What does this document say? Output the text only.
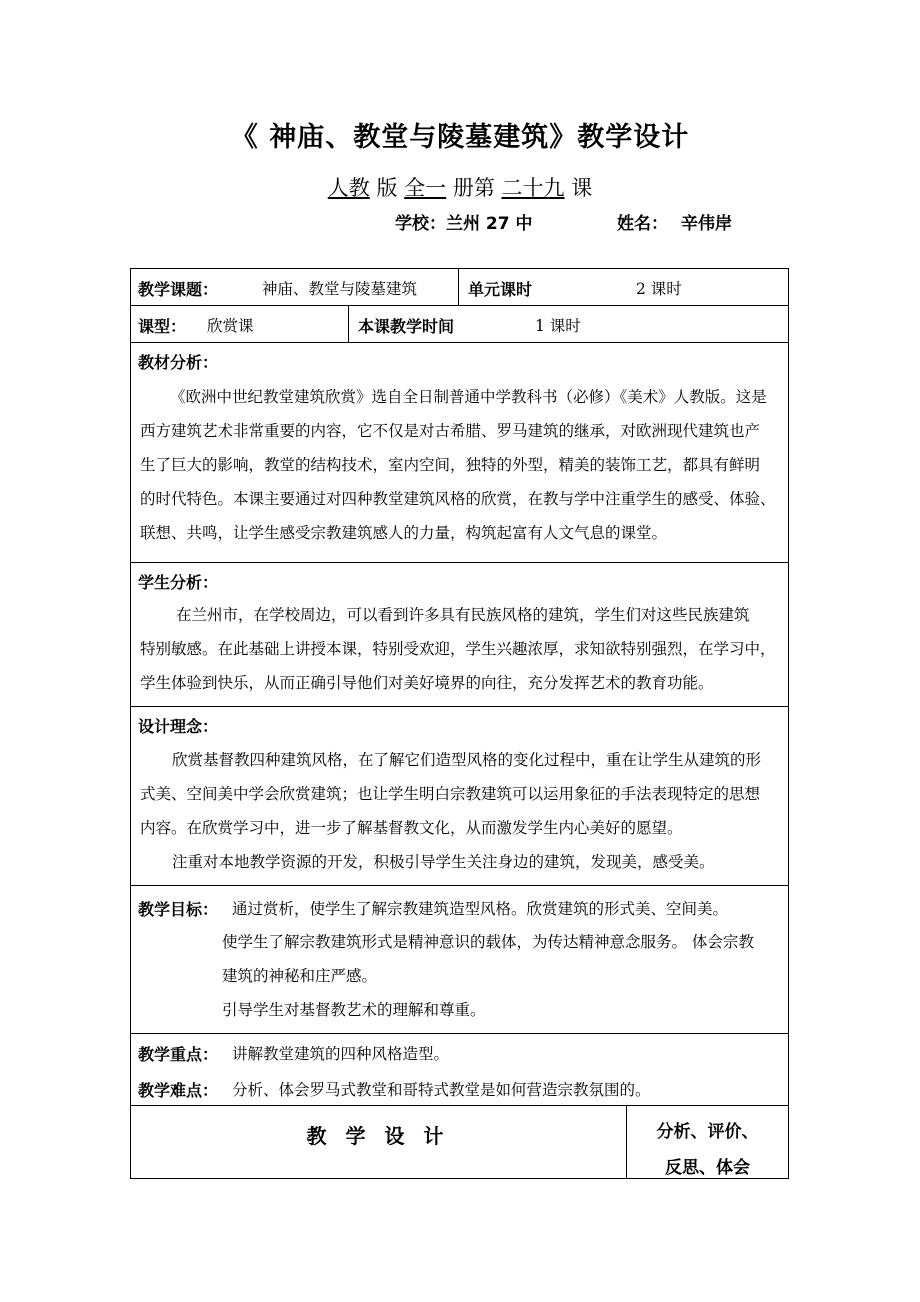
《 神庙、教堂与陵墓建筑》教学设计
人教 版 全一 册第 二十九 课
学校：兰州 27 中	姓名： 辛伟岸
教学课题：	神庙、教堂与陵墓建筑	单元课时	2 课时
课型： 欣赏课	本课教学时间	1 课时
教材分析：
《欧洲中世纪教堂建筑欣赏》选自全日制普通中学教科书（必修）《美术》人教版。这是
西方建筑艺术非常重要的内容，它不仅是对古希腊、罗马建筑的继承，对欧洲现代建筑也产
生了巨大的影响，教堂的结构技术，室内空间，独特的外型，精美的装饰工艺，都具有鲜明
的时代特色。本课主要通过对四种教堂建筑风格的欣赏，在教与学中注重学生的感受、体验、
联想、共鸣，让学生感受宗教建筑感人的力量，构筑起富有人文气息的课堂。
学生分析：
在兰州市，在学校周边，可以看到许多具有民族风格的建筑，学生们对这些民族建筑
特别敏感。在此基础上讲授本课，特别受欢迎，学生兴趣浓厚，求知欲特别强烈，在学习中，
学生体验到快乐，从而正确引导他们对美好境界的向往，充分发挥艺术的教育功能。
设计理念：
欣赏基督教四种建筑风格，在了解它们造型风格的变化过程中，重在让学生从建筑的形
式美、空间美中学会欣赏建筑；也让学生明白宗教建筑可以运用象征的手法表现特定的思想
内容。在欣赏学习中，进一步了解基督教文化，从而激发学生内心美好的愿望。
注重对本地教学资源的开发，积极引导学生关注身边的建筑，发现美，感受美。
教学目标： 通过赏析，使学生了解宗教建筑造型风格。欣赏建筑的形式美、空间美。
使学生了解宗教建筑形式是精神意识的载体，为传达精神意念服务。 体会宗教
建筑的神秘和庄严感。
引导学生对基督教艺术的理解和尊重。
教学重点： 讲解教堂建筑的四种风格造型。
教学难点： 分析、体会罗马式教堂和哥特式教堂是如何营造宗教氛围的。
教 学 设 计	分析、评价、
反思、体会
